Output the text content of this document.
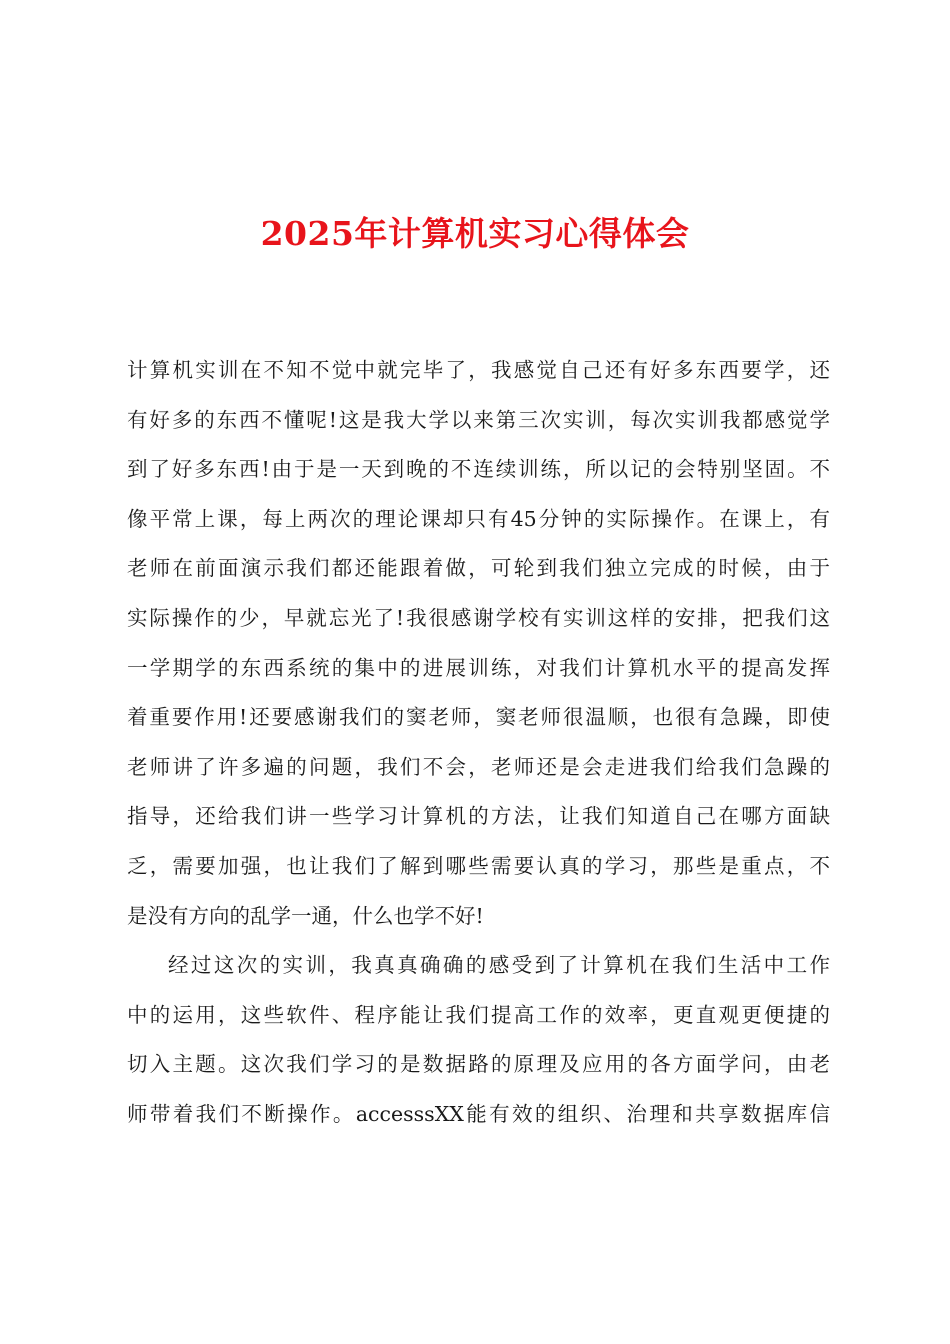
2025年计算机实习心得体会
计算机实训在不知不觉中就完毕了，我感觉自己还有好多东西要学，还
有好多的东西不懂呢!这是我大学以来第三次实训，每次实训我都感觉学
到了好多东西!由于是一天到晚的不连续训练，所以记的会特别坚固。不
像平常上课，每上两次的理论课却只有45分钟的实际操作。在课上，有
老师在前面演示我们都还能跟着做，可轮到我们独立完成的时候，由于
实际操作的少，早就忘光了!我很感谢学校有实训这样的安排，把我们这
一学期学的东西系统的集中的进展训练，对我们计算机水平的提高发挥
着重要作用!还要感谢我们的窦老师，窦老师很温顺，也很有急躁，即使
老师讲了许多遍的问题，我们不会，老师还是会走进我们给我们急躁的
指导，还给我们讲一些学习计算机的方法，让我们知道自己在哪方面缺
乏，需要加强，也让我们了解到哪些需要认真的学习，那些是重点，不
是没有方向的乱学一通，什么也学不好!
经过这次的实训，我真真确确的感受到了计算机在我们生活中工作
中的运用，这些软件、程序能让我们提高工作的效率，更直观更便捷的
切入主题。这次我们学习的是数据路的原理及应用的各方面学问，由老
师带着我们不断操作。accesssXX能有效的组织、治理和共享数据库信
